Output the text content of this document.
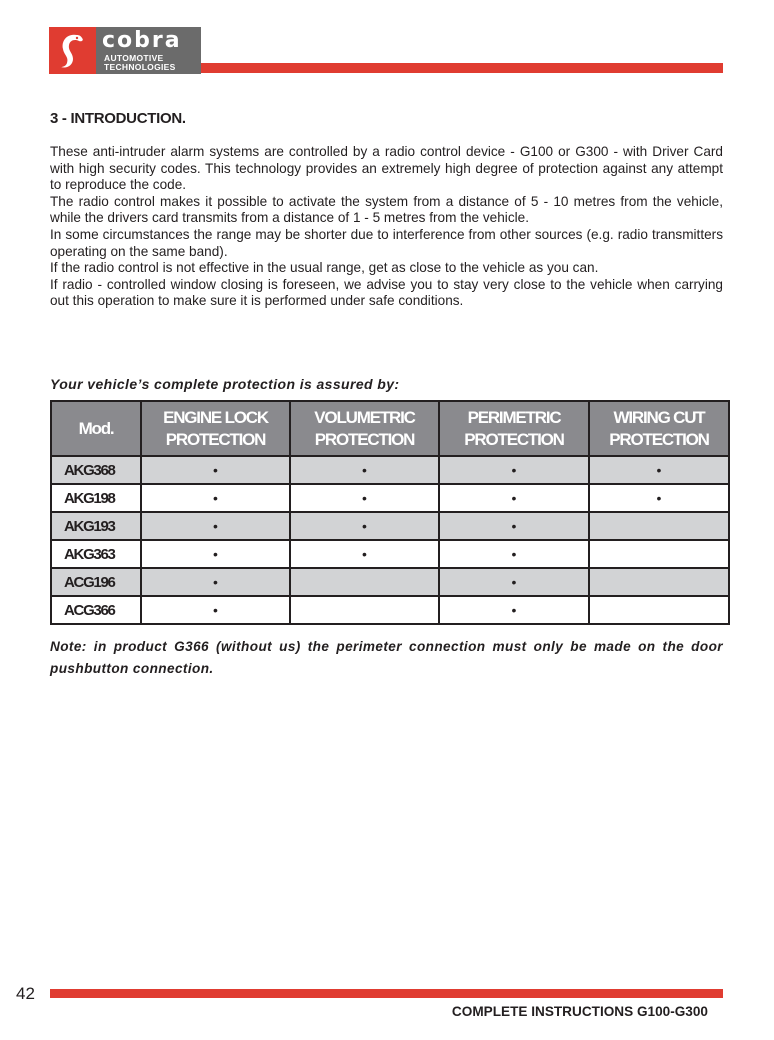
cobra
AUTOMOTIVE
TECHNOLOGIES
3 - INTRODUCTION.

These anti-intruder alarm systems are controlled by a radio control device - G100 or G300 - with Driver Card with high security codes. This technology provides an extremely high degree of protection against any attempt to reproduce the code.

The radio control makes it possible to activate the system from a distance of 5 - 10 metres from the vehicle, while the drivers card transmits from a distance of 1 - 5 metres from the vehicle.

In some circumstances the range may be shorter due to interference from other sources (e.g. radio transmitters operating on the same band).

If the radio control is not effective in the usual range, get as close to the vehicle as you can.

If radio - controlled window closing is foreseen, we advise you to stay very close to the vehicle when carrying out this operation to make sure it is performed under safe conditions.

Your vehicle’s complete protection is assured by:

Mod.	ENGINE LOCK PROTECTION	VOLUMETRIC PROTECTION	PERIMETRIC PROTECTION	WIRING CUT PROTECTION
AKG368	•	•	•	•
AKG198	•	•	•	•
AKG193	•	•	•	
AKG363	•	•	•	
ACG196	•		•	
ACG366	•		•	

Note: in product G366 (without us) the perimeter connection must only be made on the door pushbutton connection.

42
COMPLETE INSTRUCTIONS G100-G300
